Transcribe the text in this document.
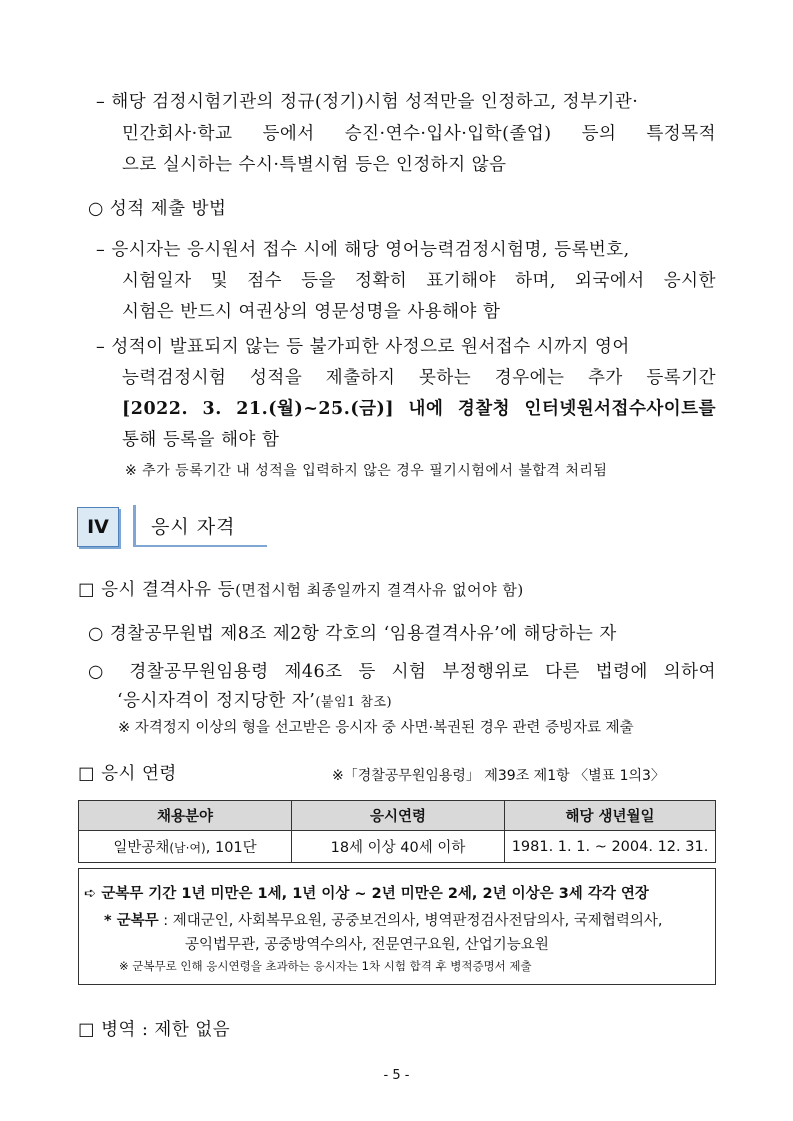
– 해당 검정시험기관의 정규(정기)시험 성적만을 인정하고, 정부기관·
민간회사·학교 등에서 승진·연수·입사·입학(졸업) 등의 특정목적
으로 실시하는 수시·특별시험 등은 인정하지 않음
○ 성적 제출 방법
– 응시자는 응시원서 접수 시에 해당 영어능력검정시험명, 등록번호,
시험일자 및 점수 등을 정확히 표기해야 하며, 외국에서 응시한
시험은 반드시 여권상의 영문성명을 사용해야 함
– 성적이 발표되지 않는 등 불가피한 사정으로 원서접수 시까지 영어
능력검정시험 성적을 제출하지 못하는 경우에는 추가 등록기간
[2022. 3. 21.(월)~25.(금)] 내에 경찰청 인터넷원서접수사이트를
통해 등록을 해야 함
※ 추가 등록기간 내 성적을 입력하지 않은 경우 필기시험에서 불합격 처리됨
IV 응시 자격
□ 응시 결격사유 등(면접시험 최종일까지 결격사유 없어야 함)
○ 경찰공무원법 제8조 제2항 각호의 ‘임용결격사유’에 해당하는 자
○ 경찰공무원임용령 제46조 등 시험 부정행위로 다른 법령에 의하여
‘응시자격이 정지당한 자’(붙임1 참조)
※ 자격정지 이상의 형을 선고받은 응시자 중 사면·복권된 경우 관련 증빙자료 제출
□ 응시 연령	※「경찰공무원임용령」 제39조 제1항 〈별표 1의3〉
채용분야	응시연령	해당 생년월일
일반공채(남·여), 101단	18세 이상 40세 이하	1981. 1. 1. ~ 2004. 12. 31.
➪ 군복무 기간 1년 미만은 1세, 1년 이상 ~ 2년 미만은 2세, 2년 이상은 3세 각각 연장
* 군복무 : 제대군인, 사회복무요원, 공중보건의사, 병역판정검사전담의사, 국제협력의사,
공익법무관, 공중방역수의사, 전문연구요원, 산업기능요원
※ 군복무로 인해 응시연령을 초과하는 응시자는 1차 시험 합격 후 병적증명서 제출
□ 병역 : 제한 없음
- 5 -
